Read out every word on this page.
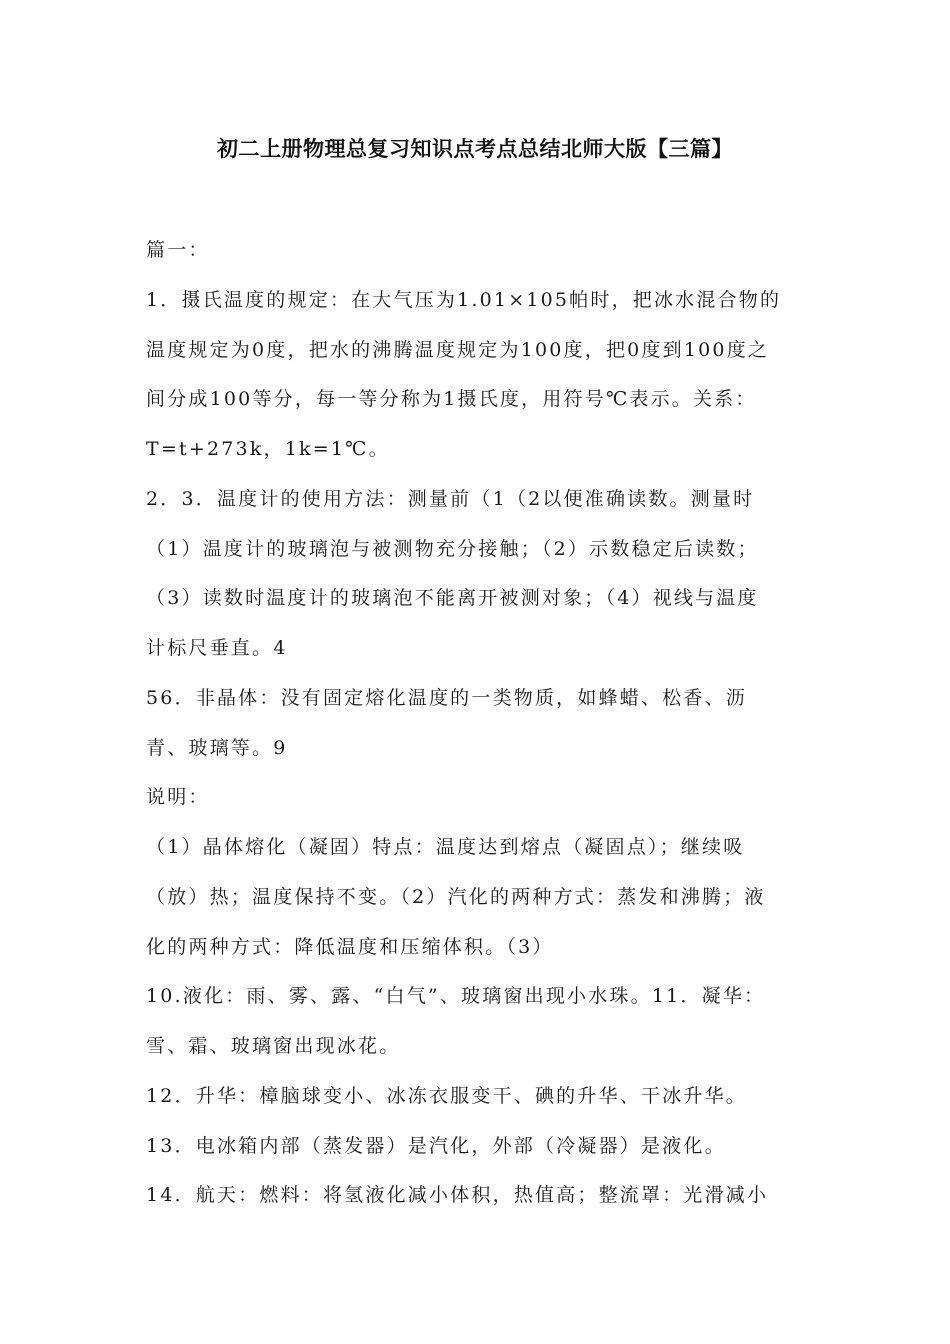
初二上册物理总复习知识点考点总结北师大版【三篇】
篇一：
1．摄氏温度的规定：在大气压为1.01×105帕时，把冰水混合物的
温度规定为0度，把水的沸腾温度规定为100度，把0度到100度之
间分成100等分，每一等分称为1摄氏度，用符号℃表示。关系：
T=t+273k，1k=1℃。
2．3．温度计的使用方法：测量前（1（2以便准确读数。测量时
（1）温度计的玻璃泡与被测物充分接触；（2）示数稳定后读数；
（3）读数时温度计的玻璃泡不能离开被测对象；（4）视线与温度
计标尺垂直。4
56．非晶体：没有固定熔化温度的一类物质，如蜂蜡、松香、沥
青、玻璃等。9
说明：
（1）晶体熔化（凝固）特点：温度达到熔点（凝固点）；继续吸
（放）热；温度保持不变。（2）汽化的两种方式：蒸发和沸腾；液
化的两种方式：降低温度和压缩体积。（3）
10.液化：雨、雾、露、“白气”、玻璃窗出现小水珠。11．凝华：
雪、霜、玻璃窗出现冰花。
12．升华：樟脑球变小、冰冻衣服变干、碘的升华、干冰升华。
13．电冰箱内部（蒸发器）是汽化，外部（冷凝器）是液化。
14．航天：燃料：将氢液化减小体积，热值高；整流罩：光滑减小
